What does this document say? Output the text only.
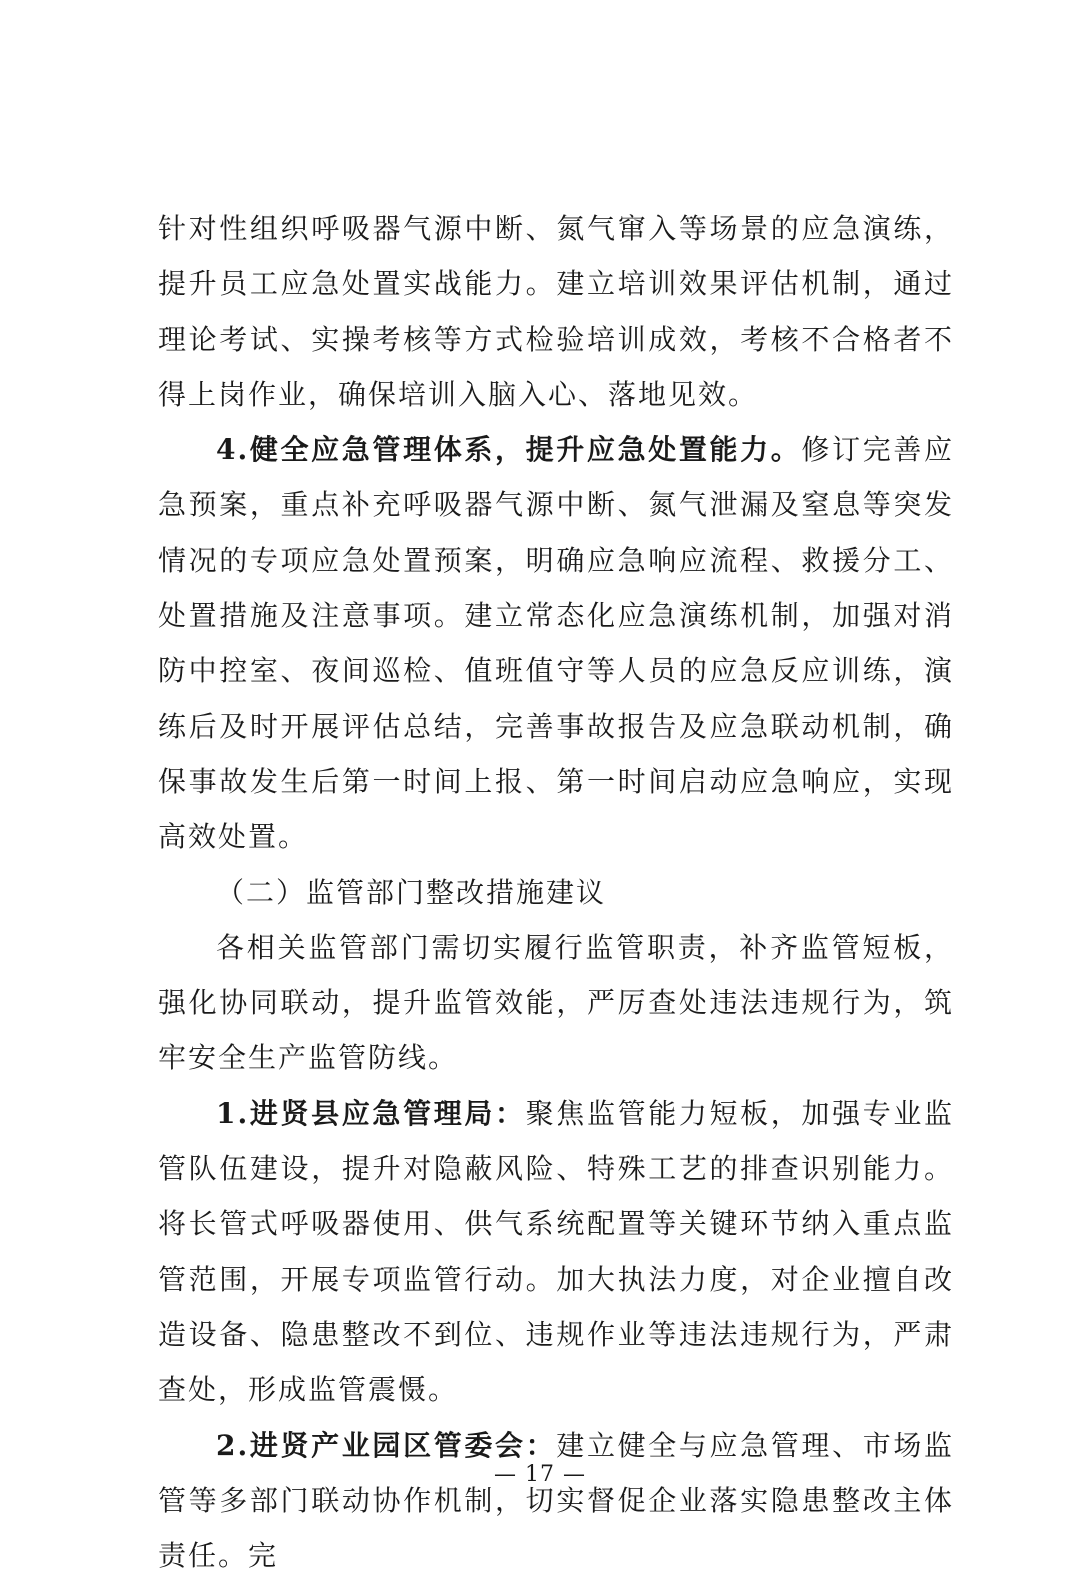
针对性组织呼吸器气源中断、氮气窜入等场景的应急演练，提升员工应急处置实战能力。建立培训效果评估机制，通过理论考试、实操考核等方式检验培训成效，考核不合格者不得上岗作业，确保培训入脑入心、落地见效。

4.健全应急管理体系，提升应急处置能力。修订完善应急预案，重点补充呼吸器气源中断、氮气泄漏及窒息等突发情况的专项应急处置预案，明确应急响应流程、救援分工、处置措施及注意事项。建立常态化应急演练机制，加强对消防中控室、夜间巡检、值班值守等人员的应急反应训练，演练后及时开展评估总结，完善事故报告及应急联动机制，确保事故发生后第一时间上报、第一时间启动应急响应，实现高效处置。

（二）监管部门整改措施建议

各相关监管部门需切实履行监管职责，补齐监管短板，强化协同联动，提升监管效能，严厉查处违法违规行为，筑牢安全生产监管防线。

1.进贤县应急管理局：聚焦监管能力短板，加强专业监管队伍建设，提升对隐蔽风险、特殊工艺的排查识别能力。将长管式呼吸器使用、供气系统配置等关键环节纳入重点监管范围，开展专项监管行动。加大执法力度，对企业擅自改造设备、隐患整改不到位、违规作业等违法违规行为，严肃查处，形成监管震慑。

2.进贤产业园区管委会：建立健全与应急管理、市场监管等多部门联动协作机制，切实督促企业落实隐患整改主体责任。完

— 17 —
